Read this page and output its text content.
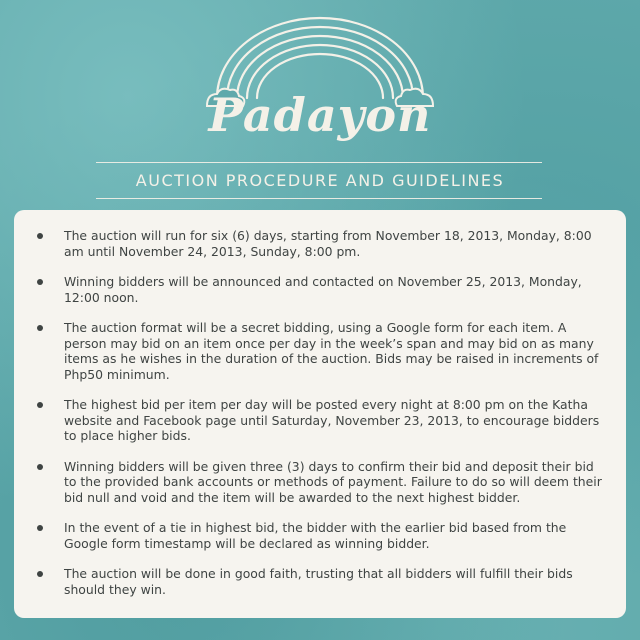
Padayon
AUCTION PROCEDURE AND GUIDELINES
The auction will run for six (6) days, starting from November 18, 2013, Monday, 8:00 am until November 24, 2013, Sunday, 8:00 pm.
Winning bidders will be announced and contacted on November 25, 2013, Monday, 12:00 noon.
The auction format will be a secret bidding, using a Google form for each item. A person may bid on an item once per day in the week’s span and may bid on as many items as he wishes in the duration of the auction. Bids may be raised in increments of Php50 minimum.
The highest bid per item per day will be posted every night at 8:00 pm on the Katha website and Facebook page until Saturday, November 23, 2013, to encourage bidders to place higher bids.
Winning bidders will be given three (3) days to confirm their bid and deposit their bid to the provided bank accounts or methods of payment. Failure to do so will deem their bid null and void and the item will be awarded to the next highest bidder.
In the event of a tie in highest bid, the bidder with the earlier bid based from the Google form timestamp will be declared as winning bidder.
The auction will be done in good faith, trusting that all bidders will fulfill their bids should they win.
